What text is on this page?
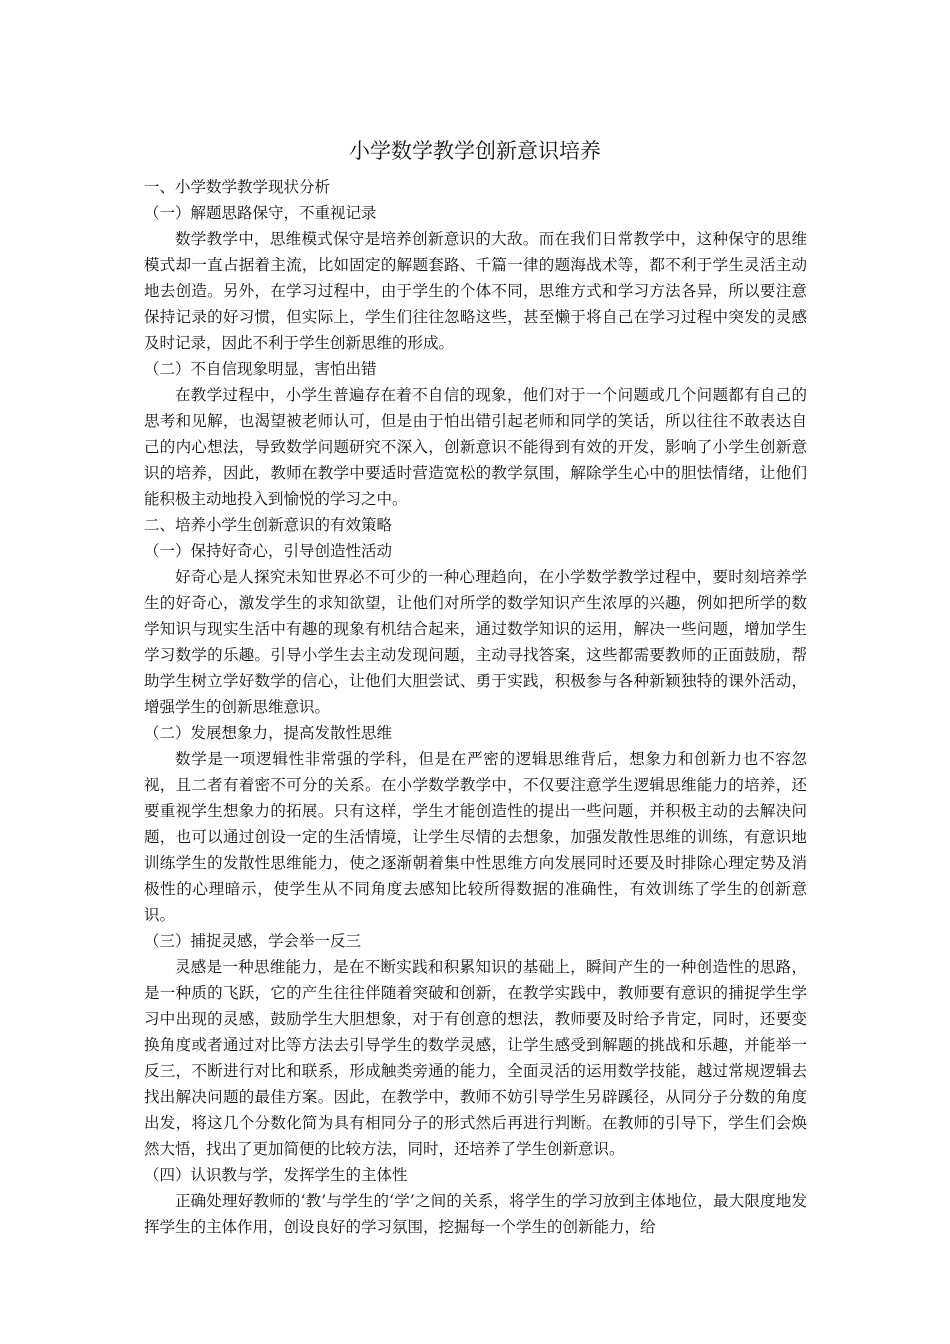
小学数学教学创新意识培养
一、小学数学教学现状分析
（一）解题思路保守，不重视记录

数学教学中，思维模式保守是培养创新意识的大敌。而在我们日常教学中，这种保守的思维模式却一直占据着主流，比如固定的解题套路、千篇一律的题海战术等，都不利于学生灵活主动地去创造。另外，在学习过程中，由于学生的个体不同，思维方式和学习方法各异，所以要注意保持记录的好习惯，但实际上，学生们往往忽略这些，甚至懒于将自己在学习过程中突发的灵感及时记录，因此不利于学生创新思维的形成。

（二）不自信现象明显，害怕出错

在教学过程中，小学生普遍存在着不自信的现象，他们对于一个问题或几个问题都有自己的思考和见解，也渴望被老师认可，但是由于怕出错引起老师和同学的笑话，所以往往不敢表达自己的内心想法，导致数学问题研究不深入，创新意识不能得到有效的开发，影响了小学生创新意识的培养，因此，教师在教学中要适时营造宽松的教学氛围，解除学生心中的胆怯情绪，让他们能积极主动地投入到愉悦的学习之中。

二、培养小学生创新意识的有效策略
（一）保持好奇心，引导创造性活动

好奇心是人探究未知世界必不可少的一种心理趋向，在小学数学教学过程中，要时刻培养学生的好奇心，激发学生的求知欲望，让他们对所学的数学知识产生浓厚的兴趣，例如把所学的数学知识与现实生活中有趣的现象有机结合起来，通过数学知识的运用，解决一些问题，增加学生学习数学的乐趣。引导小学生去主动发现问题，主动寻找答案，这些都需要教师的正面鼓励，帮助学生树立学好数学的信心，让他们大胆尝试、勇于实践，积极参与各种新颖独特的课外活动，增强学生的创新思维意识。

（二）发展想象力，提高发散性思维

数学是一项逻辑性非常强的学科，但是在严密的逻辑思维背后，想象力和创新力也不容忽视，且二者有着密不可分的关系。在小学数学教学中，不仅要注意学生逻辑思维能力的培养，还要重视学生想象力的拓展。只有这样，学生才能创造性的提出一些问题，并积极主动的去解决问题，也可以通过创设一定的生活情境，让学生尽情的去想象，加强发散性思维的训练，有意识地训练学生的发散性思维能力，使之逐渐朝着集中性思维方向发展同时还要及时排除心理定势及消极性的心理暗示，使学生从不同角度去感知比较所得数据的准确性，有效训练了学生的创新意识。

（三）捕捉灵感，学会举一反三

灵感是一种思维能力，是在不断实践和积累知识的基础上，瞬间产生的一种创造性的思路，是一种质的飞跃，它的产生往往伴随着突破和创新，在教学实践中，教师要有意识的捕捉学生学习中出现的灵感，鼓励学生大胆想象，对于有创意的想法，教师要及时给予肯定，同时，还要变换角度或者通过对比等方法去引导学生的数学灵感，让学生感受到解题的挑战和乐趣，并能举一反三，不断进行对比和联系，形成触类旁通的能力，全面灵活的运用数学技能，越过常规逻辑去找出解决问题的最佳方案。因此，在教学中，教师不妨引导学生另辟蹊径，从同分子分数的角度出发，将这几个分数化简为具有相同分子的形式然后再进行判断。在教师的引导下，学生们会焕然大悟，找出了更加简便的比较方法，同时，还培养了学生创新意识。

（四）认识教与学，发挥学生的主体性

正确处理好教师的‘教’与学生的‘学’之间的关系，将学生的学习放到主体地位，最大限度地发挥学生的主体作用，创设良好的学习氛围，挖掘每一个学生的创新能力，给
